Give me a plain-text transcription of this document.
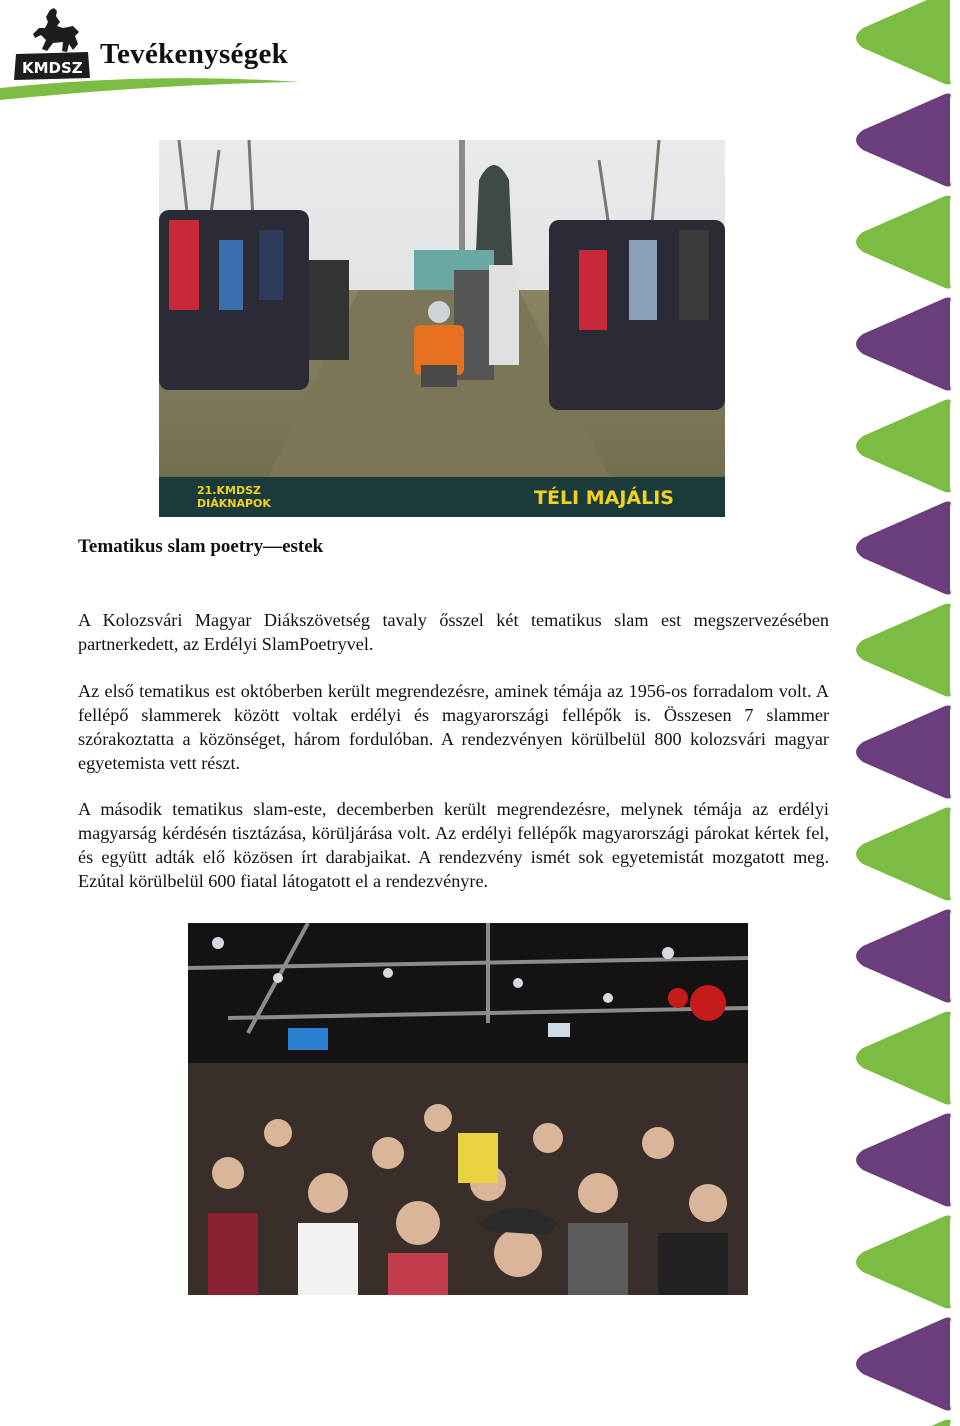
KMDSZ Tevékenységek
21.KMDSZ
DIÁKNAPOK	TÉLI MAJÁLIS
Tematikus slam poetry—estek

A Kolozsvári Magyar Diákszövetség tavaly ősszel két tematikus slam est megszervezésében partnerkedett, az Erdélyi SlamPoetryvel.

Az első tematikus est októberben került megrendezésre, aminek témája az 1956-os forradalom volt. A fellépő slammerek között voltak erdélyi és magyarországi fellépők is. Összesen 7 slammer szórakoztatta a közönséget, három fordulóban. A rendezvényen körülbelül 800 kolozsvári magyar egyetemista vett részt.

A második tematikus slam-este, decemberben került megrendezésre, melynek témája az erdélyi magyarság kérdésén tisztázása, körüljárása volt. Az erdélyi fellépők magyarországi párokat kértek fel, és együtt adták elő közösen írt darabjaikat. A rendezvény ismét sok egyetemistát mozgatott meg. Ezútal körülbelül 600 fiatal látogatott el a rendezvényre.
